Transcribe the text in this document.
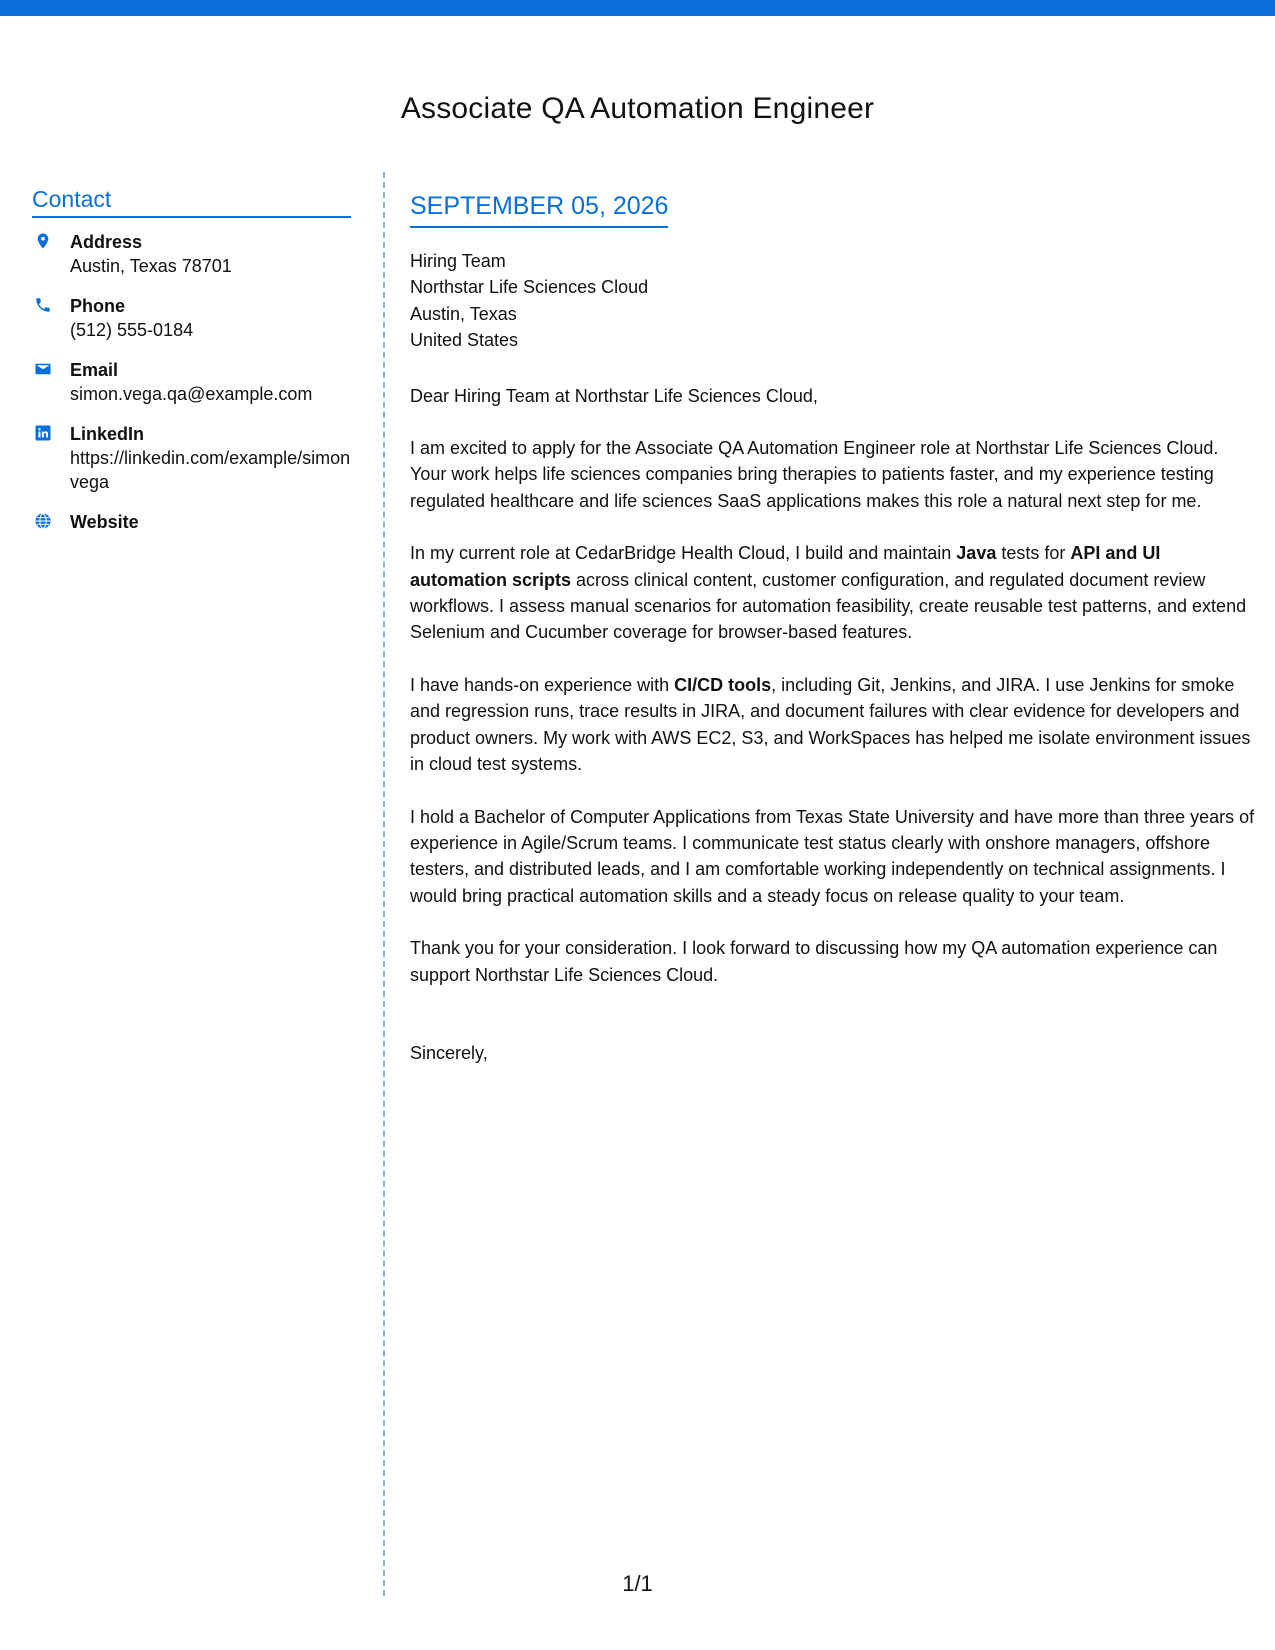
Associate QA Automation Engineer
Contact
Address
Austin, Texas 78701
Phone
(512) 555-0184
Email
simon.vega.qa@example.com
LinkedIn
https://linkedin.com/example/simonvega
Website
SEPTEMBER 05, 2026
Hiring Team
Northstar Life Sciences Cloud
Austin, Texas
United States

Dear Hiring Team at Northstar Life Sciences Cloud,

I am excited to apply for the Associate QA Automation Engineer role at Northstar Life Sciences Cloud. Your work helps life sciences companies bring therapies to patients faster, and my experience testing regulated healthcare and life sciences SaaS applications makes this role a natural next step for me.

In my current role at CedarBridge Health Cloud, I build and maintain Java tests for API and UI automation scripts across clinical content, customer configuration, and regulated document review workflows. I assess manual scenarios for automation feasibility, create reusable test patterns, and extend Selenium and Cucumber coverage for browser-based features.

I have hands-on experience with CI/CD tools, including Git, Jenkins, and JIRA. I use Jenkins for smoke and regression runs, trace results in JIRA, and document failures with clear evidence for developers and product owners. My work with AWS EC2, S3, and WorkSpaces has helped me isolate environment issues in cloud test systems.

I hold a Bachelor of Computer Applications from Texas State University and have more than three years of experience in Agile/Scrum teams. I communicate test status clearly with onshore managers, offshore testers, and distributed leads, and I am comfortable working independently on technical assignments. I would bring practical automation skills and a steady focus on release quality to your team.

Thank you for your consideration. I look forward to discussing how my QA automation experience can support Northstar Life Sciences Cloud.

Sincerely,

1/1
